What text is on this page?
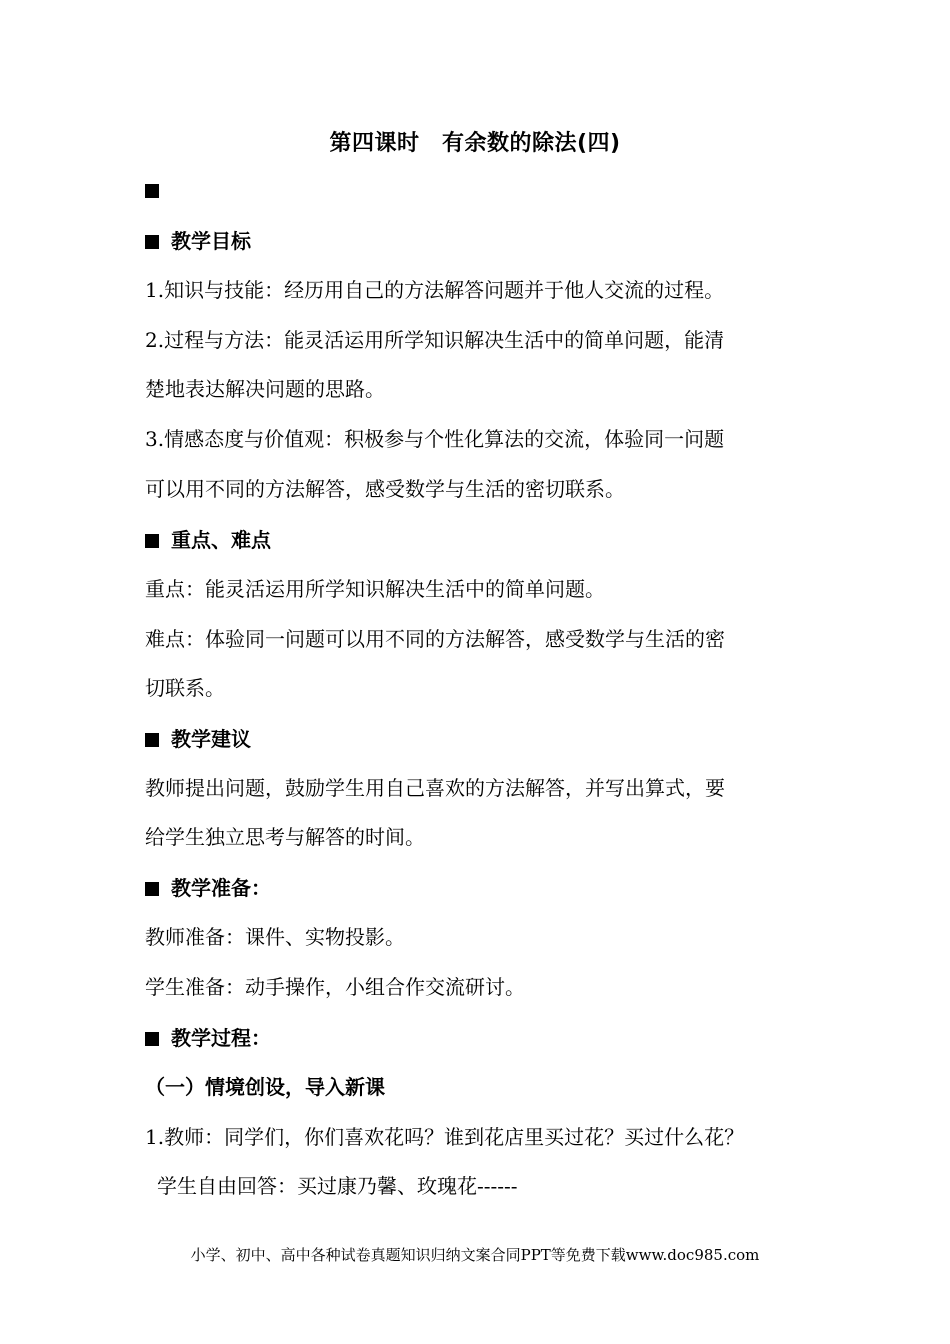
第四课时　有余数的除法(四)
教学目标
1.知识与技能：经历用自己的方法解答问题并于他人交流的过程。
2.过程与方法：能灵活运用所学知识解决生活中的简单问题，能清
楚地表达解决问题的思路。
3.情感态度与价值观：积极参与个性化算法的交流，体验同一问题
可以用不同的方法解答，感受数学与生活的密切联系。
重点、难点
重点：能灵活运用所学知识解决生活中的简单问题。
难点：体验同一问题可以用不同的方法解答，感受数学与生活的密
切联系。
教学建议
教师提出问题，鼓励学生用自己喜欢的方法解答，并写出算式，要
给学生独立思考与解答的时间。
教学准备：
教师准备：课件、实物投影。
学生准备：动手操作，小组合作交流研讨。
教学过程：
（一）情境创设，导入新课
1.教师：同学们，你们喜欢花吗？谁到花店里买过花？买过什么花？
学生自由回答：买过康乃馨、玫瑰花------
小学、初中、高中各种试卷真题知识归纳文案合同PPT等免费下载www.doc985.com
